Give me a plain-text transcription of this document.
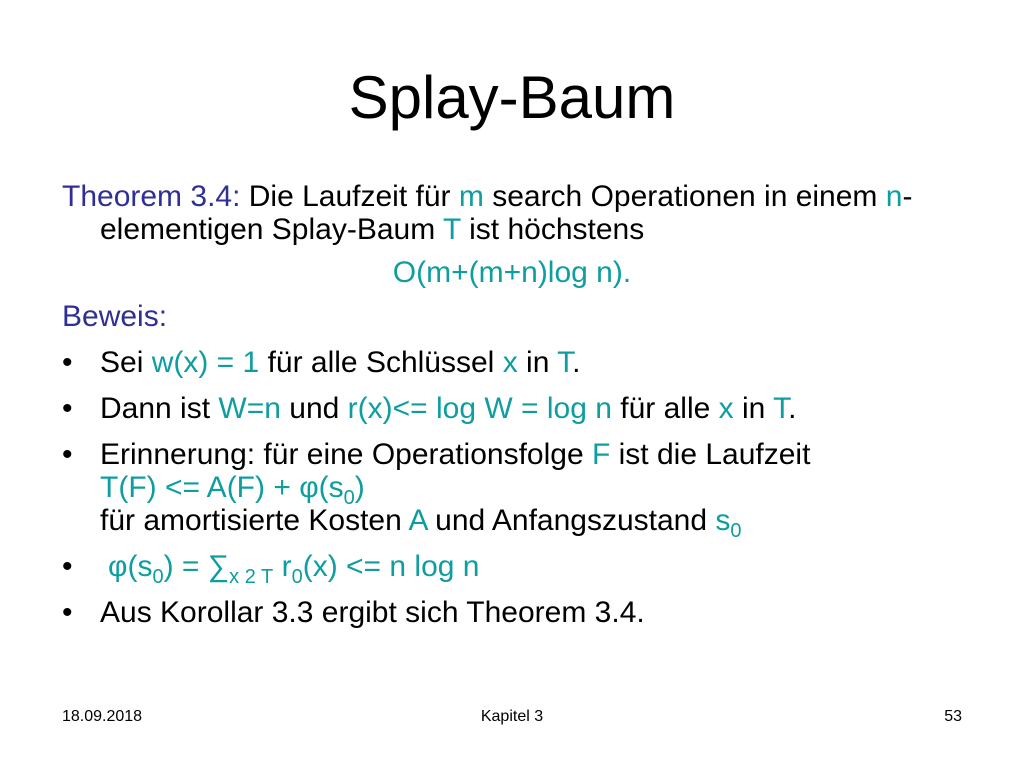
Splay-Baum

Theorem 3.4: Die Laufzeit für m search Operationen in einem n-elementigen Splay-Baum T ist höchstens

O(m+(m+n)log n).

Beweis:

• Sei w(x) = 1 für alle Schlüssel x in T.
• Dann ist W=n und r(x)<= log W = log n für alle x in T.
• Erinnerung: für eine Operationsfolge F ist die Laufzeit
$T(F) <= A(F) + \varphi(s_0)$
für amortisierte Kosten A und Anfangszustand $s_0$
• $\varphi(s_0) = \sum_{x 2 T}$ $r_0(x) <= n$ log n
• Aus Korollar 3.3 ergibt sich Theorem 3.4.
18.09.2018	Kapitel 3	53
